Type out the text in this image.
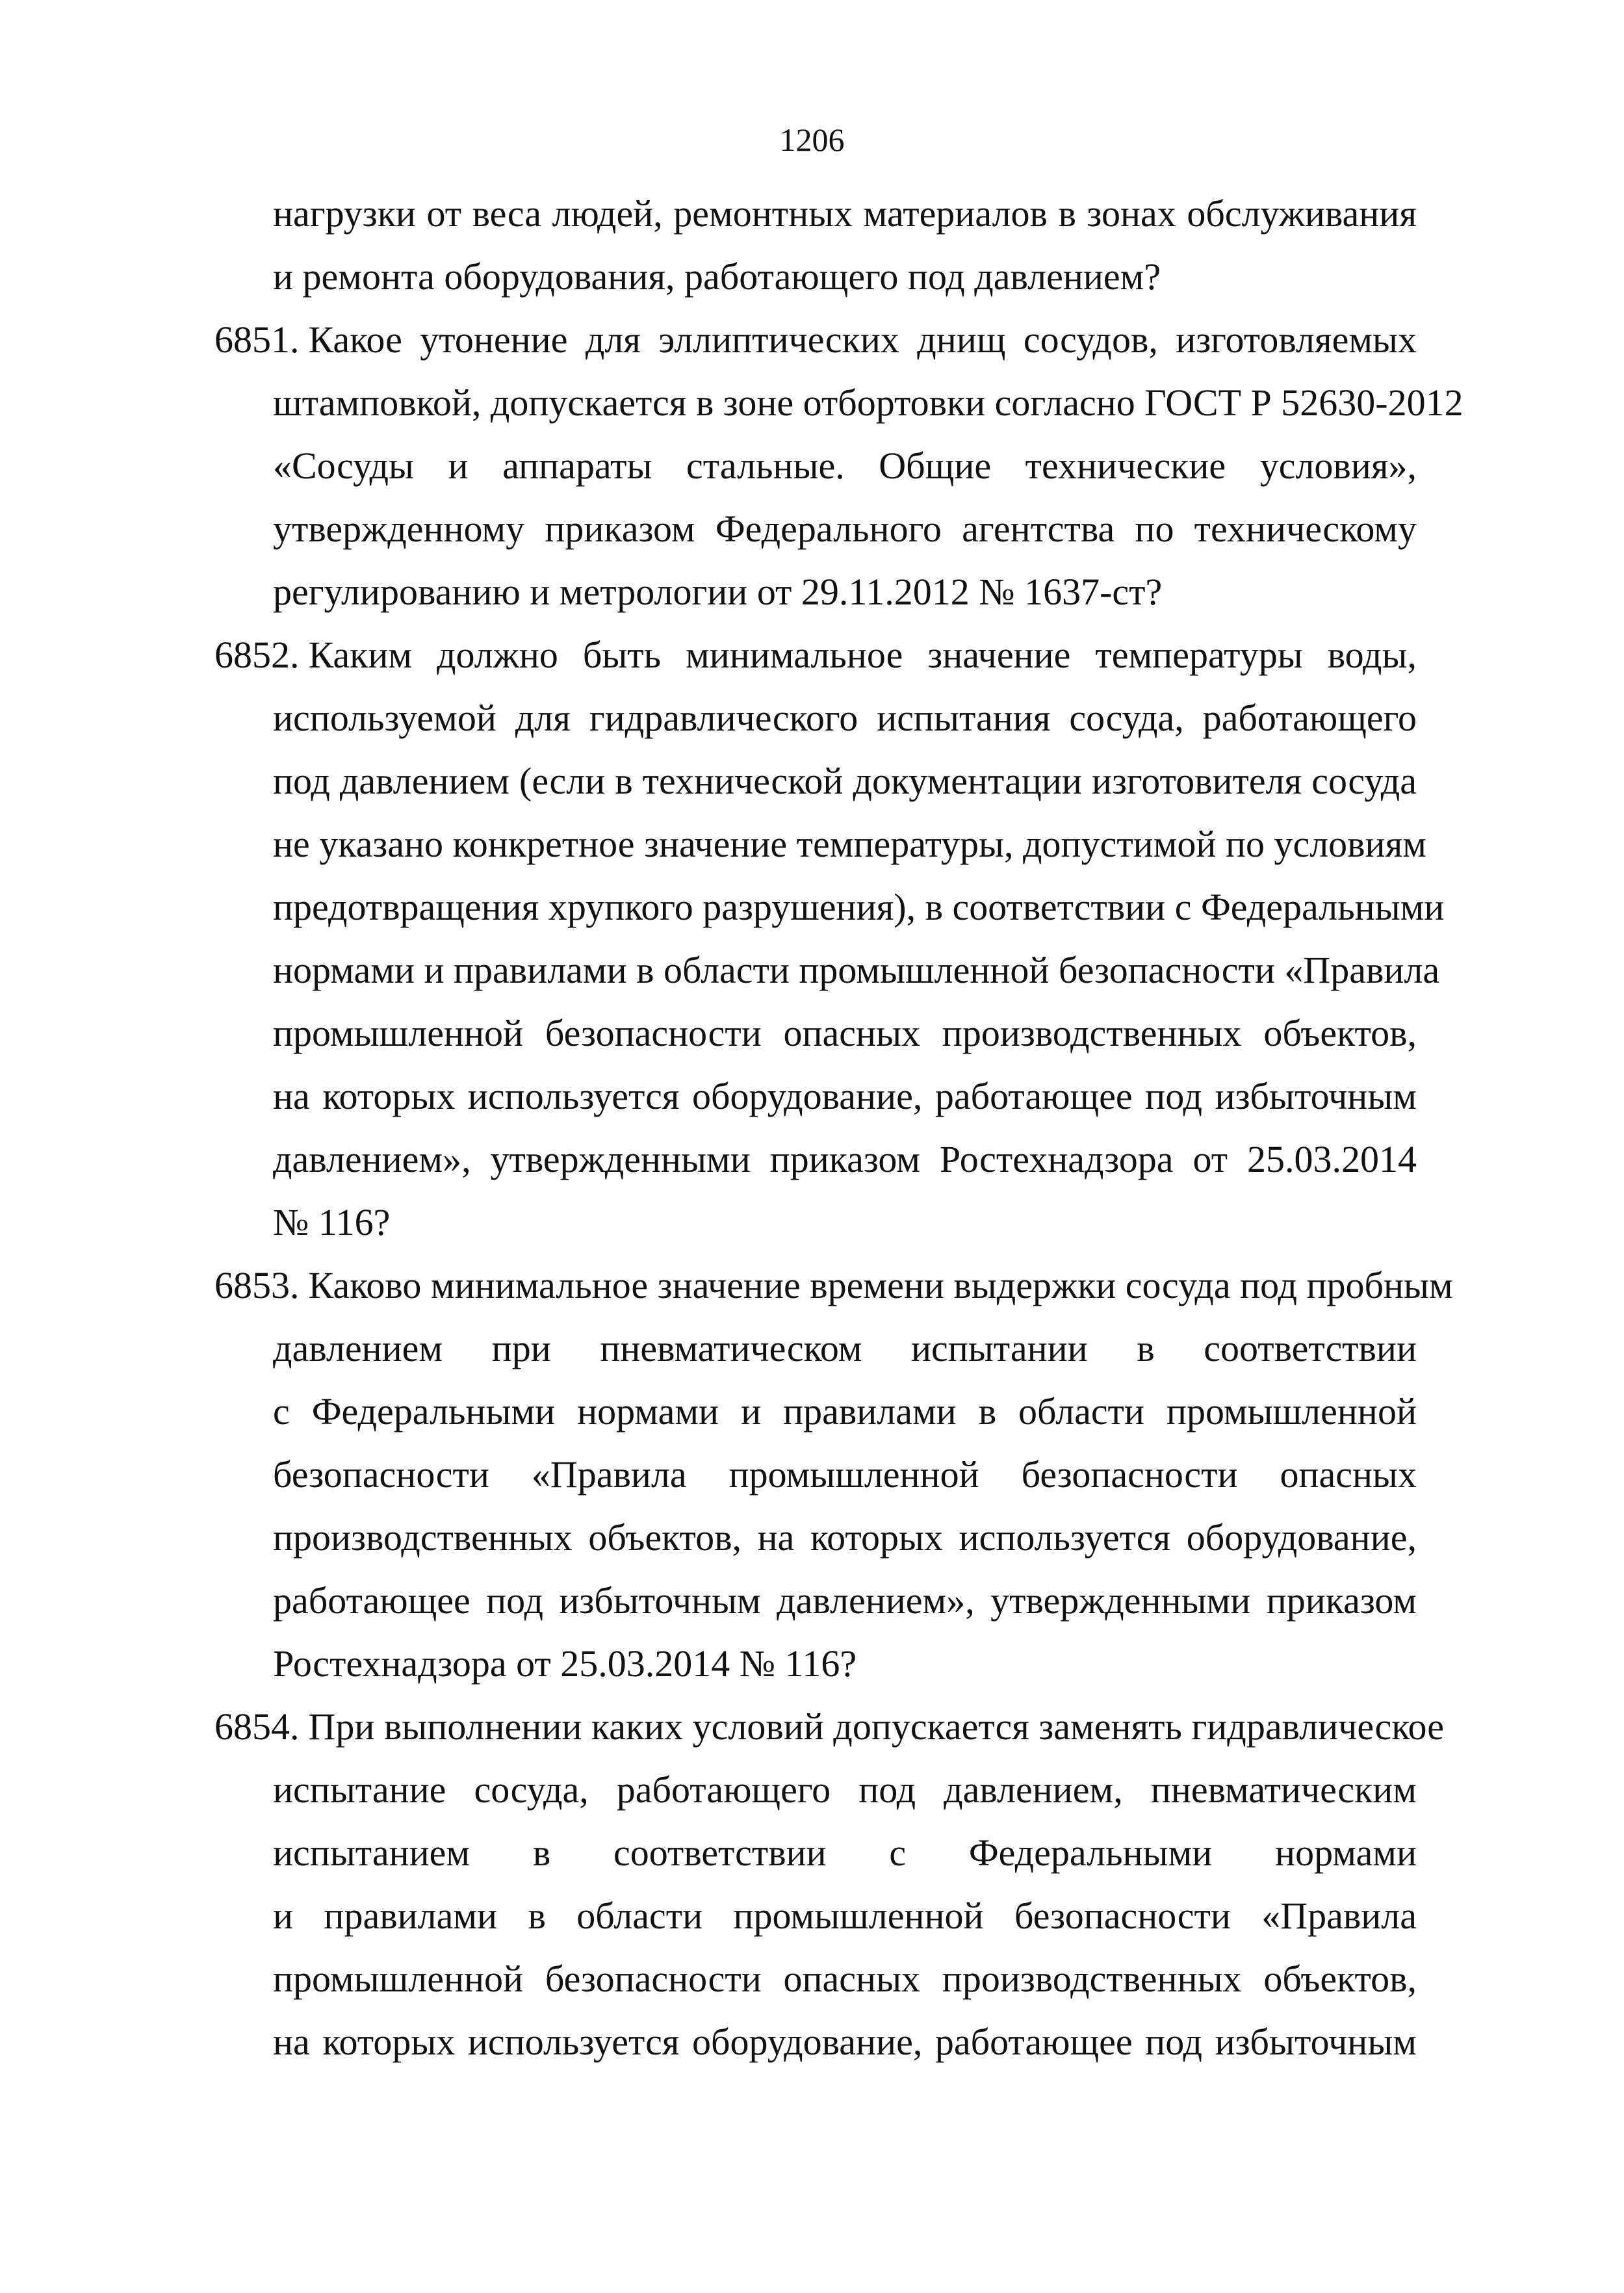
1206
нагрузки от веса людей, ремонтных материалов в зонах обслуживания
и ремонта оборудования, работающего под давлением?
6851. Какое утонение для эллиптических днищ сосудов, изготовляемых
штамповкой, допускается в зоне отбортовки согласно ГОСТ Р 52630-2012
«Сосуды и аппараты стальные. Общие технические условия»,
утвержденному приказом Федерального агентства по техническому
регулированию и метрологии от 29.11.2012 № 1637-ст?
6852. Каким должно быть минимальное значение температуры воды,
используемой для гидравлического испытания сосуда, работающего
под давлением (если в технической документации изготовителя сосуда
не указано конкретное значение температуры, допустимой по условиям
предотвращения хрупкого разрушения), в соответствии с Федеральными
нормами и правилами в области промышленной безопасности «Правила
промышленной безопасности опасных производственных объектов,
на которых используется оборудование, работающее под избыточным
давлением», утвержденными приказом Ростехнадзора от 25.03.2014
№ 116?
6853. Каково минимальное значение времени выдержки сосуда под пробным
давлением при пневматическом испытании в соответствии
с Федеральными нормами и правилами в области промышленной
безопасности «Правила промышленной безопасности опасных
производственных объектов, на которых используется оборудование,
работающее под избыточным давлением», утвержденными приказом
Ростехнадзора от 25.03.2014 № 116?
6854. При выполнении каких условий допускается заменять гидравлическое
испытание сосуда, работающего под давлением, пневматическим
испытанием в соответствии с Федеральными нормами
и правилами в области промышленной безопасности «Правила
промышленной безопасности опасных производственных объектов,
на которых используется оборудование, работающее под избыточным
